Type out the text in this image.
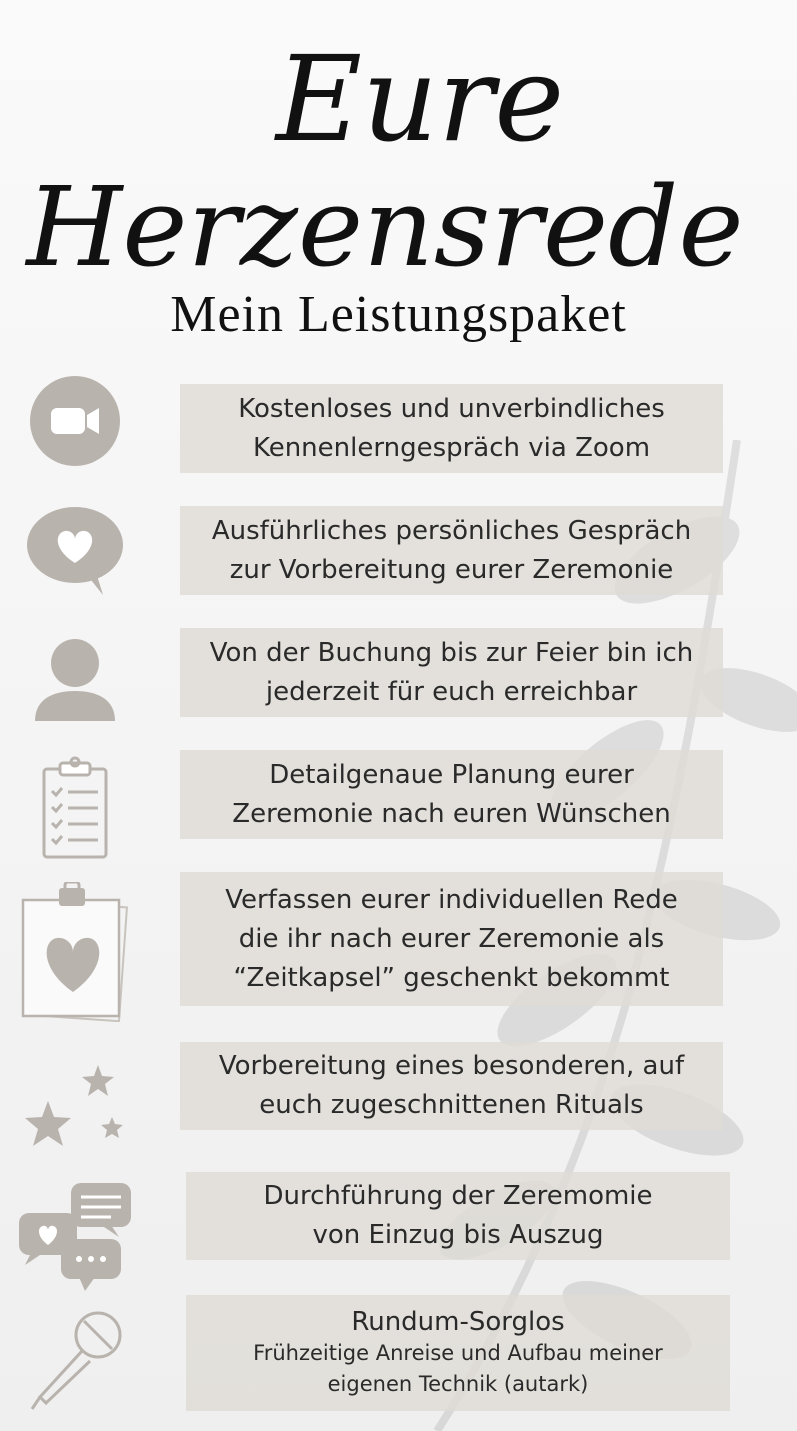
Eure
Herzensrede
Mein Leistungspaket
Kostenloses und unverbindliches
Kennenlerngespräch via Zoom
Ausführliches persönliches Gespräch
zur Vorbereitung eurer Zeremonie
Von der Buchung bis zur Feier bin ich
jederzeit für euch erreichbar
Detailgenaue Planung eurer
Zeremonie nach euren Wünschen
Verfassen eurer individuellen Rede
die ihr nach eurer Zeremonie als
“Zeitkapsel” geschenkt bekommt
Vorbereitung eines besonderen, auf
euch zugeschnittenen Rituals
Durchführung der Zeremomie
von Einzug bis Auszug
Rundum-Sorglos
Frühzeitige Anreise und Aufbau meiner
eigenen Technik (autark)
